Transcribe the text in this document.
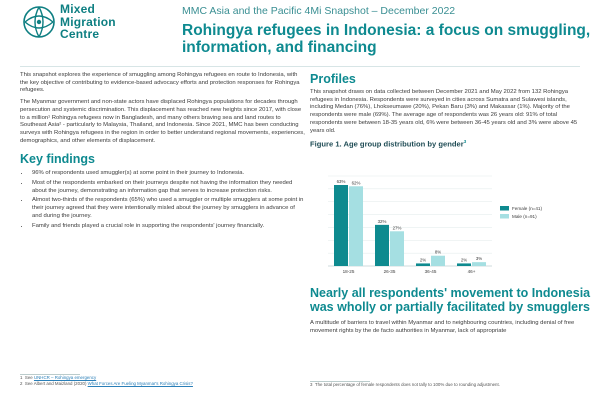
Mixed
Migration
Centre
MMC Asia and the Pacific 4Mi Snapshot – December 2022
Rohingya refugees in Indonesia: a focus on smuggling, information, and financing

This snapshot explores the experience of smuggling among Rohingya refugees en route to Indonesia, with the key objective of contributing to evidence-based advocacy efforts and protection responses for Rohingya refugees.

The Myanmar government and non-state actors have displaced Rohingya populations for decades through persecution and systemic discrimination. This displacement has reached new heights since 2017, with close to a million¹ Rohingya refugees now in Bangladesh, and many others braving sea and land routes to Southeast Asia² - particularly to Malaysia, Thailand, and Indonesia. Since 2021, MMC has been conducting surveys with Rohingya refugees in the region in order to better understand regional movements, experiences, demographics, and other elements of displacement.

Key findings
• 96% of respondents used smuggler(s) at some point in their journey to Indonesia.
• Most of the respondents embarked on their journeys despite not having the information they needed about the journey, demonstrating an information gap that serves to increase protection risks.
• Almost two-thirds of the respondents (65%) who used a smuggler or multiple smugglers at some point in their journey agreed that they were intentionally misled about the journey by smugglers in advance of and during the journey.
• Family and friends played a crucial role in supporting the respondents' journey financially.
1 See UNHCR – Rohingya emergency
2 See Albert and Maizland (2020) What Forces Are Fueling Myanmar's Rohingya Crisis?
Profiles

This snapshot draws on data collected between December 2021 and May 2022 from 132 Rohingya refugees in Indonesia. Respondents were surveyed in cities across Sumatra and Sulawesi islands, including Medan (76%), Lhokseumawe (20%), Pekan Baru (3%) and Makassar (1%). Majority of the respondents were male (69%). The average age of respondents was 26 years old: 91% of total respondents were between 18-35 years old, 6% were between 36-45 years old and 3% were above 45 years old.

Figure 1. Age group distribution by gender$^3$
63% 62%
18-25
32%
27%
26-35
2%
8%
36-45
2% 3%
46+
Female (n=41)
Male (n=91)
Nearly all respondents' movement to Indonesia was wholly or partially facilitated by smugglers
A multitude of barriers to travel within Myanmar and to neighbouring countries, including denial of free movement rights by the de facto authorities in Myanmar, lack of appropriate
3 The total percentage of female respondents does not tally to 100% due to rounding adjustment.
